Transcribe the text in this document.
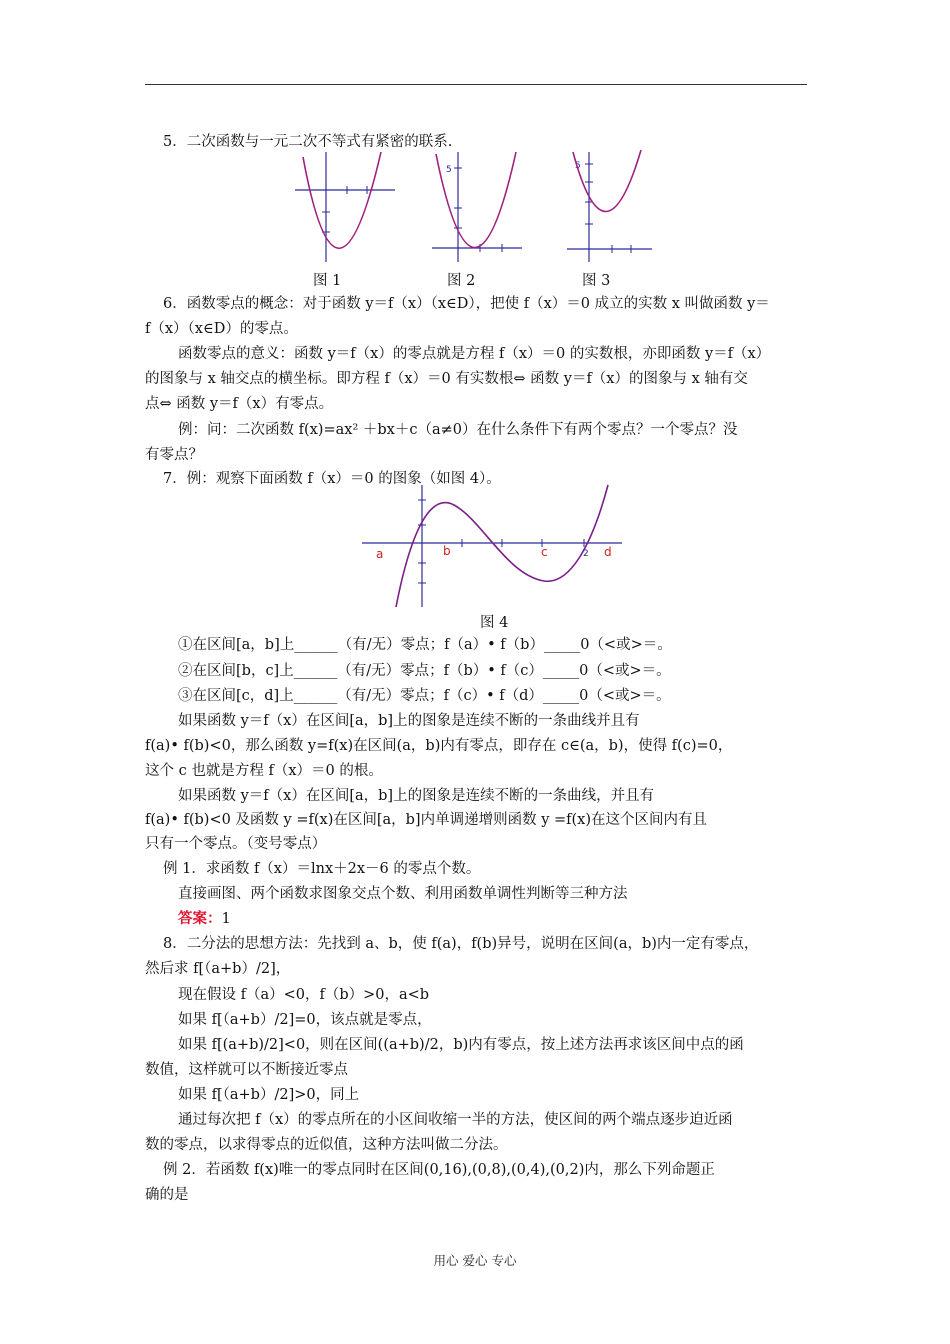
5．二次函数与一元二次不等式有紧密的联系.
图 1
5
图 2
5
图 3
6．函数零点的概念：对于函数 y＝f（x）（x∈D），把使 f（x）＝0 成立的实数 x 叫做函数 y＝
f（x）（x∈D）的零点。
函数零点的意义：函数 y＝f（x）的零点就是方程 f（x）＝0 的实数根，亦即函数 y＝f（x）
的图象与 x 轴交点的横坐标。即方程 f（x）＝0 有实数根⇔ 函数 y＝f（x）的图象与 x 轴有交
点⇔ 函数 y＝f（x）有零点。
例：问：二次函数 f(x)=ax² ＋bx＋c（a≠0）在什么条件下有两个零点？一个零点？没
有零点？
7．例：观察下面函数 f（x）＝0 的图象（如图 4）。
a	b	c	2 d
图 4
①在区间[a，b]上______（有/无）零点；f（a）• f（b）_____0（<或>＝。
②在区间[b，c]上______（有/无）零点；f（b）• f（c）_____0（<或>＝。
③在区间[c，d]上______（有/无）零点；f（c）• f（d）_____0（<或>＝。
如果函数 y＝f（x）在区间[a，b]上的图象是连续不断的一条曲线并且有
f(a)• f(b)<0，那么函数 y=f(x)在区间(a，b)内有零点，即存在 c∈(a，b)，使得 f(c)=0，
这个 c 也就是方程 f（x）＝0 的根。
如果函数 y＝f（x）在区间[a，b]上的图象是连续不断的一条曲线，并且有
f(a)• f(b)<0 及函数 y =f(x)在区间[a，b]内单调递增则函数 y =f(x)在这个区间内有且
只有一个零点。（变号零点）
例 1．求函数 f（x）＝lnx＋2x－6 的零点个数。
直接画图、两个函数求图象交点个数、利用函数单调性判断等三种方法
答案：1
8．二分法的思想方法：先找到 a、b，使 f(a)，f(b)异号，说明在区间(a，b)内一定有零点，
然后求 f[（a+b）/2]，
现在假设 f（a）<0，f（b）>0，a<b
如果 f[（a+b）/2]=0，该点就是零点，
如果 f[(a+b)/2]<0，则在区间((a+b)/2，b)内有零点，按上述方法再求该区间中点的函
数值，这样就可以不断接近零点
如果 f[（a+b）/2]>0，同上
通过每次把 f（x）的零点所在的小区间收缩一半的方法，使区间的两个端点逐步迫近函
数的零点，以求得零点的近似值，这种方法叫做二分法。
例 2．若函数 f(x)唯一的零点同时在区间(0,16),(0,8),(0,4),(0,2)内，那么下列命题正
确的是
用心 爱心 专心
